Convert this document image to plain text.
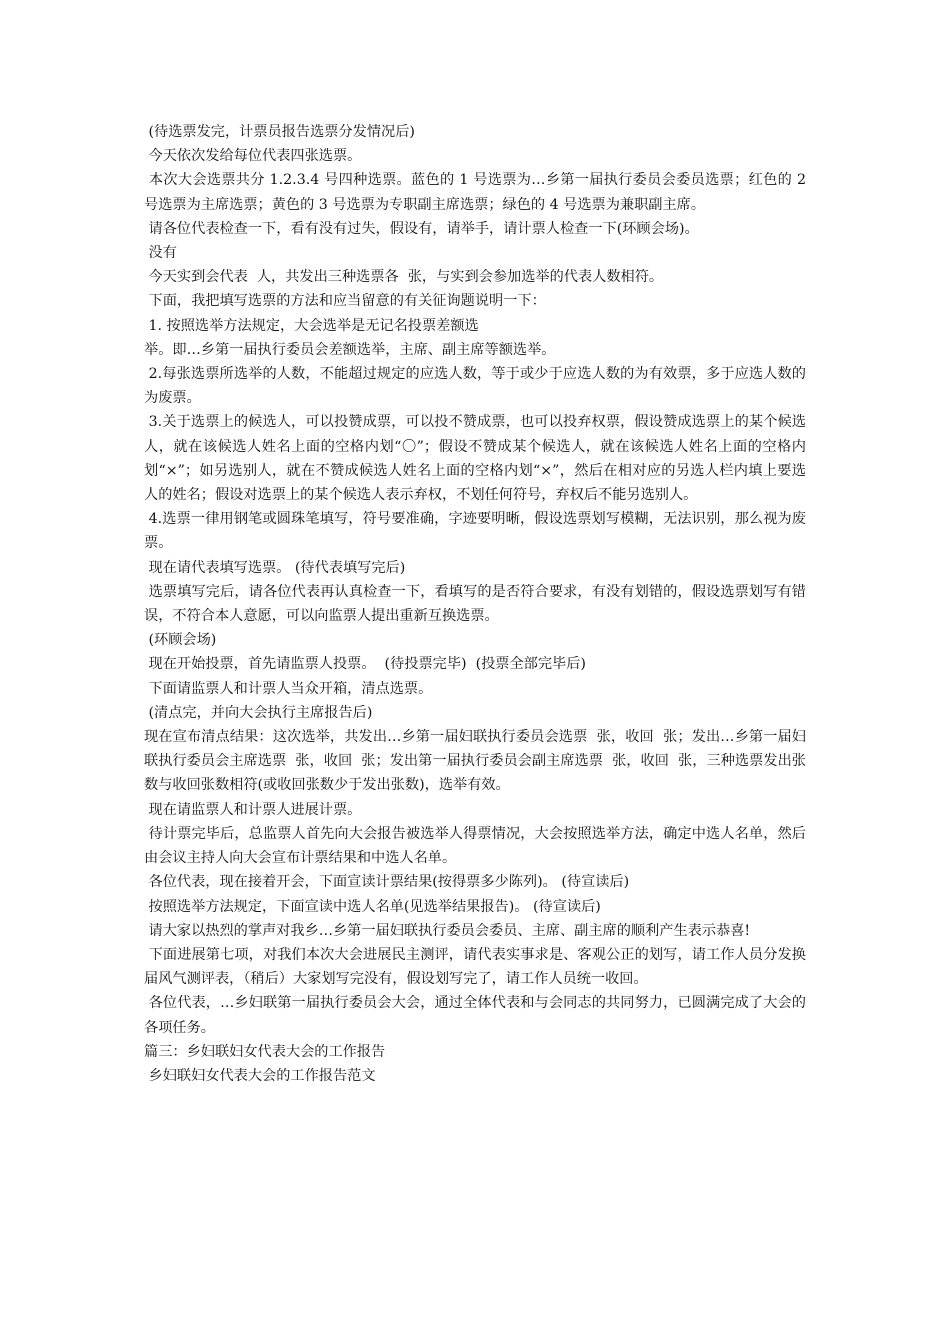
(待选票发完，计票员报告选票分发情况后)

今天依次发给每位代表四张选票。

本次大会选票共分 1.2.3.4 号四种选票。蓝色的 1 号选票为…乡第一届执行委员会委员选票；红色的 2 号选票为主席选票；黄色的 3 号选票为专职副主席选票；绿色的 4 号选票为兼职副主席。

请各位代表检查一下，看有没有过失，假设有，请举手，请计票人检查一下(环顾会场)。

没有

今天实到会代表  人，共发出三种选票各  张，与实到会参加选举的代表人数相符。

下面，我把填写选票的方法和应当留意的有关征询题说明一下：

1. 按照选举方法规定，大会选举是无记名投票差额选

举。即…乡第一届执行委员会差额选举，主席、副主席等额选举。

2.每张选票所选举的人数，不能超过规定的应选人数，等于或少于应选人数的为有效票，多于应选人数的为废票。

3.关于选票上的候选人，可以投赞成票，可以投不赞成票，也可以投弃权票，假设赞成选票上的某个候选人，就在该候选人姓名上面的空格内划“〇”；假设不赞成某个候选人，就在该候选人姓名上面的空格内划“×”；如另选别人，就在不赞成候选人姓名上面的空格内划“×”，然后在相对应的另选人栏内填上要选人的姓名；假设对选票上的某个候选人表示弃权，不划任何符号，弃权后不能另选别人。

4.选票一律用钢笔或圆珠笔填写，符号要准确，字迹要明晰，假设选票划写模糊，无法识别，那么视为废票。

现在请代表填写选票。 (待代表填写完后)

选票填写完后，请各位代表再认真检查一下，看填写的是否符合要求，有没有划错的，假设选票划写有错误，不符合本人意愿，可以向监票人提出重新互换选票。

(环顾会场)

现在开始投票，首先请监票人投票。  (待投票完毕)  (投票全部完毕后)

下面请监票人和计票人当众开箱，清点选票。

(清点完，并向大会执行主席报告后)

现在宣布清点结果：这次选举，共发出…乡第一届妇联执行委员会选票  张，收回  张；发出…乡第一届妇联执行委员会主席选票  张，收回  张；发出第一届执行委员会副主席选票  张，收回  张，三种选票发出张数与收回张数相符(或收回张数少于发出张数)，选举有效。

现在请监票人和计票人进展计票。

待计票完毕后，总监票人首先向大会报告被选举人得票情况，大会按照选举方法，确定中选人名单，然后由会议主持人向大会宣布计票结果和中选人名单。

各位代表，现在接着开会，下面宣读计票结果(按得票多少陈列)。 (待宣读后)

按照选举方法规定，下面宣读中选人名单(见选举结果报告)。 (待宣读后)

请大家以热烈的掌声对我乡…乡第一届妇联执行委员会委员、主席、副主席的顺利产生表示恭喜!

下面进展第七项，对我们本次大会进展民主测评，请代表实事求是、客观公正的划写，请工作人员分发换届风气测评表，（稍后）大家划写完没有，假设划写完了，请工作人员统一收回。

各位代表，…乡妇联第一届执行委员会大会，通过全体代表和与会同志的共同努力，已圆满完成了大会的各项任务。

篇三：乡妇联妇女代表大会的工作报告

乡妇联妇女代表大会的工作报告范文
